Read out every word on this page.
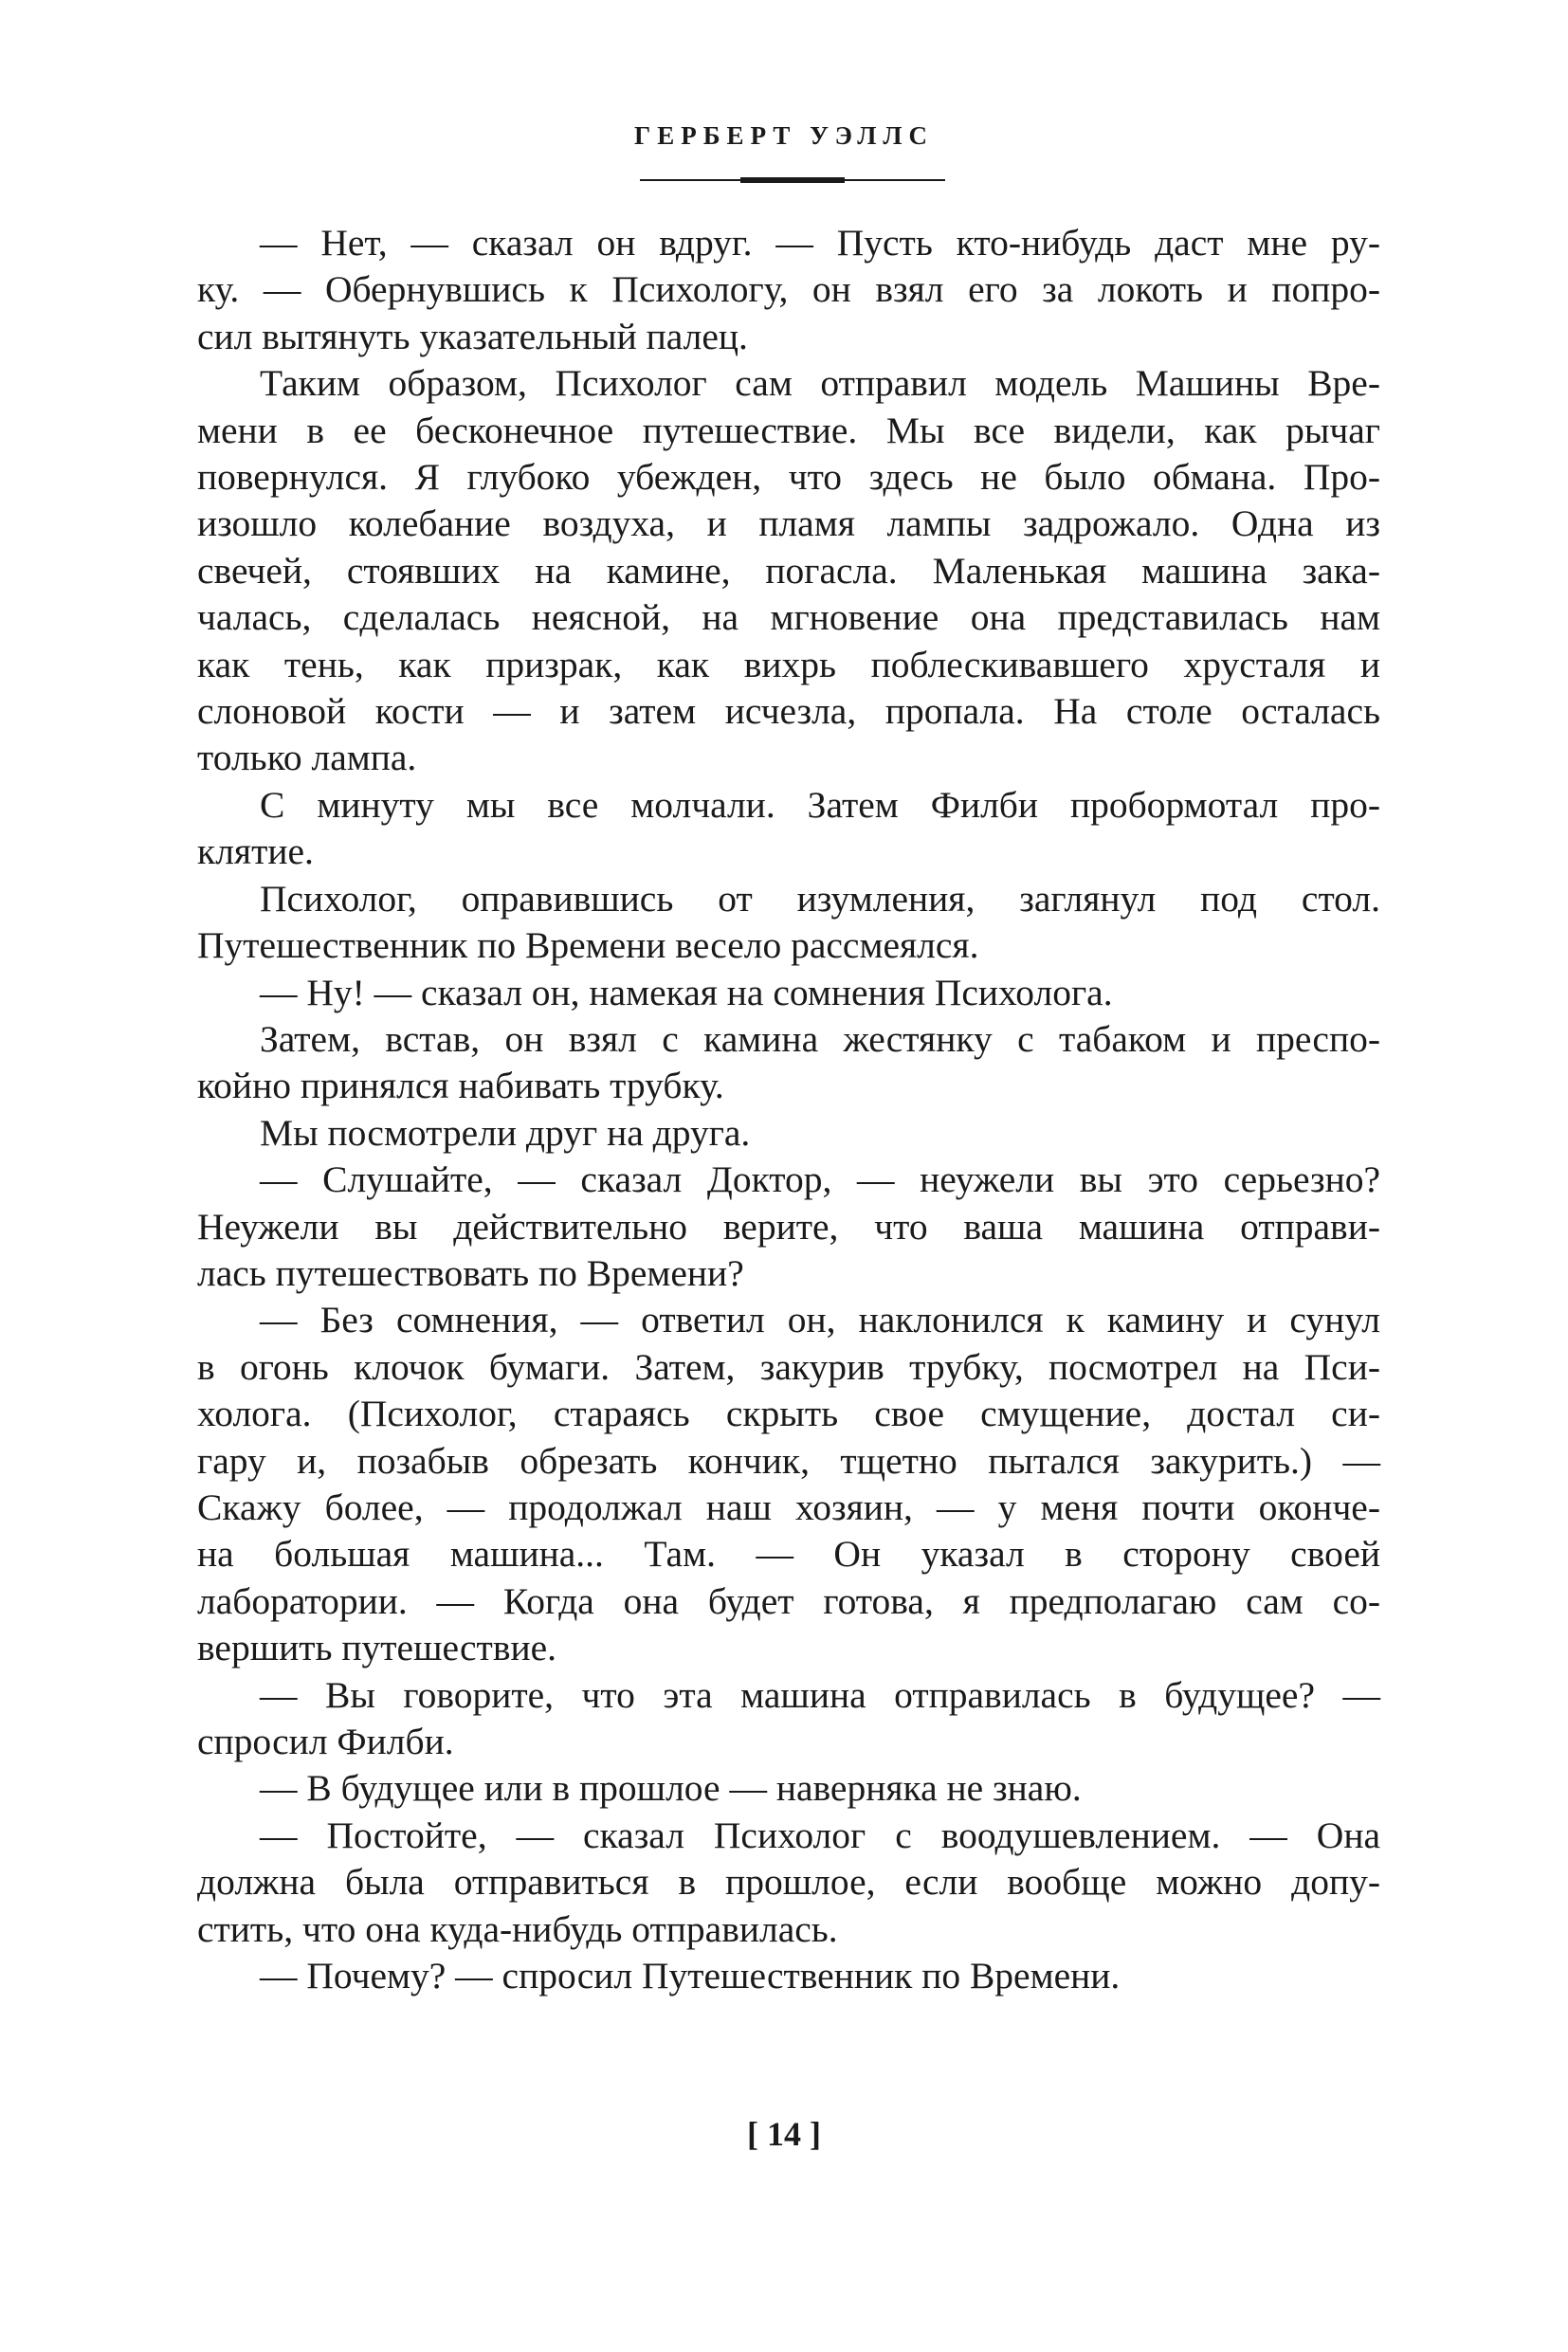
ГЕРБЕРТ УЭЛЛС
— Нет, — сказал он вдруг. — Пусть кто-нибудь даст мне ру-
ку. — Обернувшись к Психологу, он взял его за локоть и попро-
сил вытянуть указательный палец.
Таким образом, Психолог сам отправил модель Машины Вре-
мени в ее бесконечное путешествие. Мы все видели, как рычаг
повернулся. Я глубоко убежден, что здесь не было обмана. Про-
изошло колебание воздуха, и пламя лампы задрожало. Одна из
свечей, стоявших на камине, погасла. Маленькая машина зака-
чалась, сделалась неясной, на мгновение она представилась нам
как тень, как призрак, как вихрь поблескивавшего хрусталя и
слоновой кости — и затем исчезла, пропала. На столе осталась
только лампа.
С минуту мы все молчали. Затем Филби пробормотал про-
клятие.
Психолог, оправившись от изумления, заглянул под стол.
Путешественник по Времени весело рассмеялся.
— Ну! — сказал он, намекая на сомнения Психолога.
Затем, встав, он взял с камина жестянку с табаком и преспо-
койно принялся набивать трубку.
Мы посмотрели друг на друга.
— Слушайте, — сказал Доктор, — неужели вы это серьезно?
Неужели вы действительно верите, что ваша машина отправи-
лась путешествовать по Времени?
— Без сомнения, — ответил он, наклонился к камину и сунул
в огонь клочок бумаги. Затем, закурив трубку, посмотрел на Пси-
холога. (Психолог, стараясь скрыть свое смущение, достал си-
гару и, позабыв обрезать кончик, тщетно пытался закурить.) —
Скажу более, — продолжал наш хозяин, — у меня почти оконче-
на большая машина... Там. — Он указал в сторону своей
лаборатории. — Когда она будет готова, я предполагаю сам со-
вершить путешествие.
— Вы говорите, что эта машина отправилась в будущее? —
спросил Филби.
— В будущее или в прошлое — наверняка не знаю.
— Постойте, — сказал Психолог с воодушевлением. — Она
должна была отправиться в прошлое, если вообще можно допу-
стить, что она куда-нибудь отправилась.
— Почему? — спросил Путешественник по Времени.
[ 14 ]
